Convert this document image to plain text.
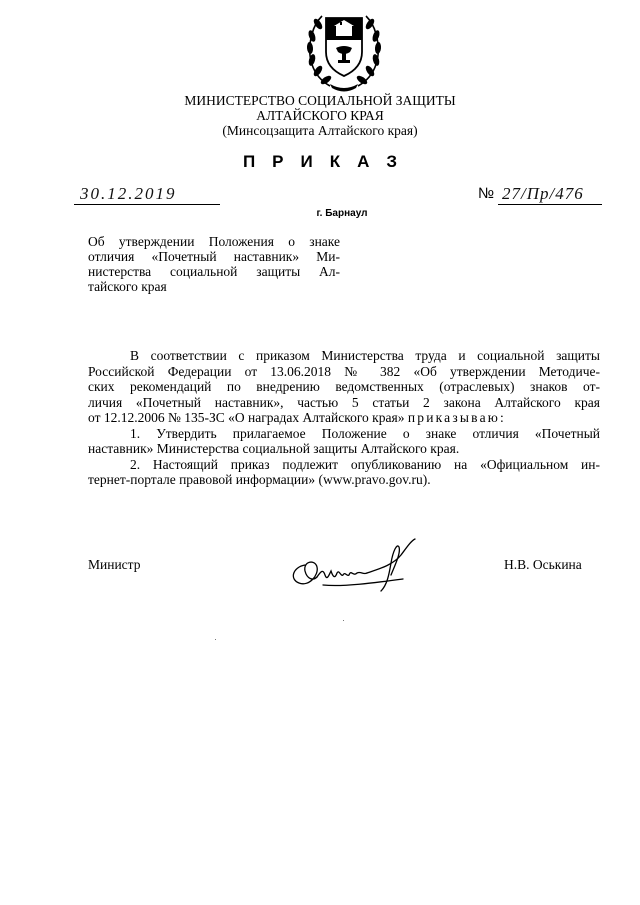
МИНИСТЕРСТВО СОЦИАЛЬНОЙ ЗАЩИТЫ
АЛТАЙСКОГО КРАЯ
(Минсоцзащита Алтайского края)
ПРИКАЗ
30.12.2019	№ 27/Пр/476
г. Барнаул
Об утверждении Положения о знаке
отличия «Почетный наставник» Ми-
нистерства социальной защиты Ал-
тайского края
В соответствии с приказом Министерства труда и социальной защиты
Российской Федерации от 13.06.2018 № 382 «Об утверждении Методиче-
ских рекомендаций по внедрению ведомственных (отраслевых) знаков от-
личия «Почетный наставник», частью 5 статьи 2 закона Алтайского края
от 12.12.2006 № 135-ЗС «О наградах Алтайского края» приказываю:
1. Утвердить прилагаемое Положение о знаке отличия «Почетный
наставник» Министерства социальной защиты Алтайского края.
2. Настоящий приказ подлежит опубликованию на «Официальном ин-
тернет-портале правовой информации» (www.pravo.gov.ru).
Министр	Н.В. Оськина
